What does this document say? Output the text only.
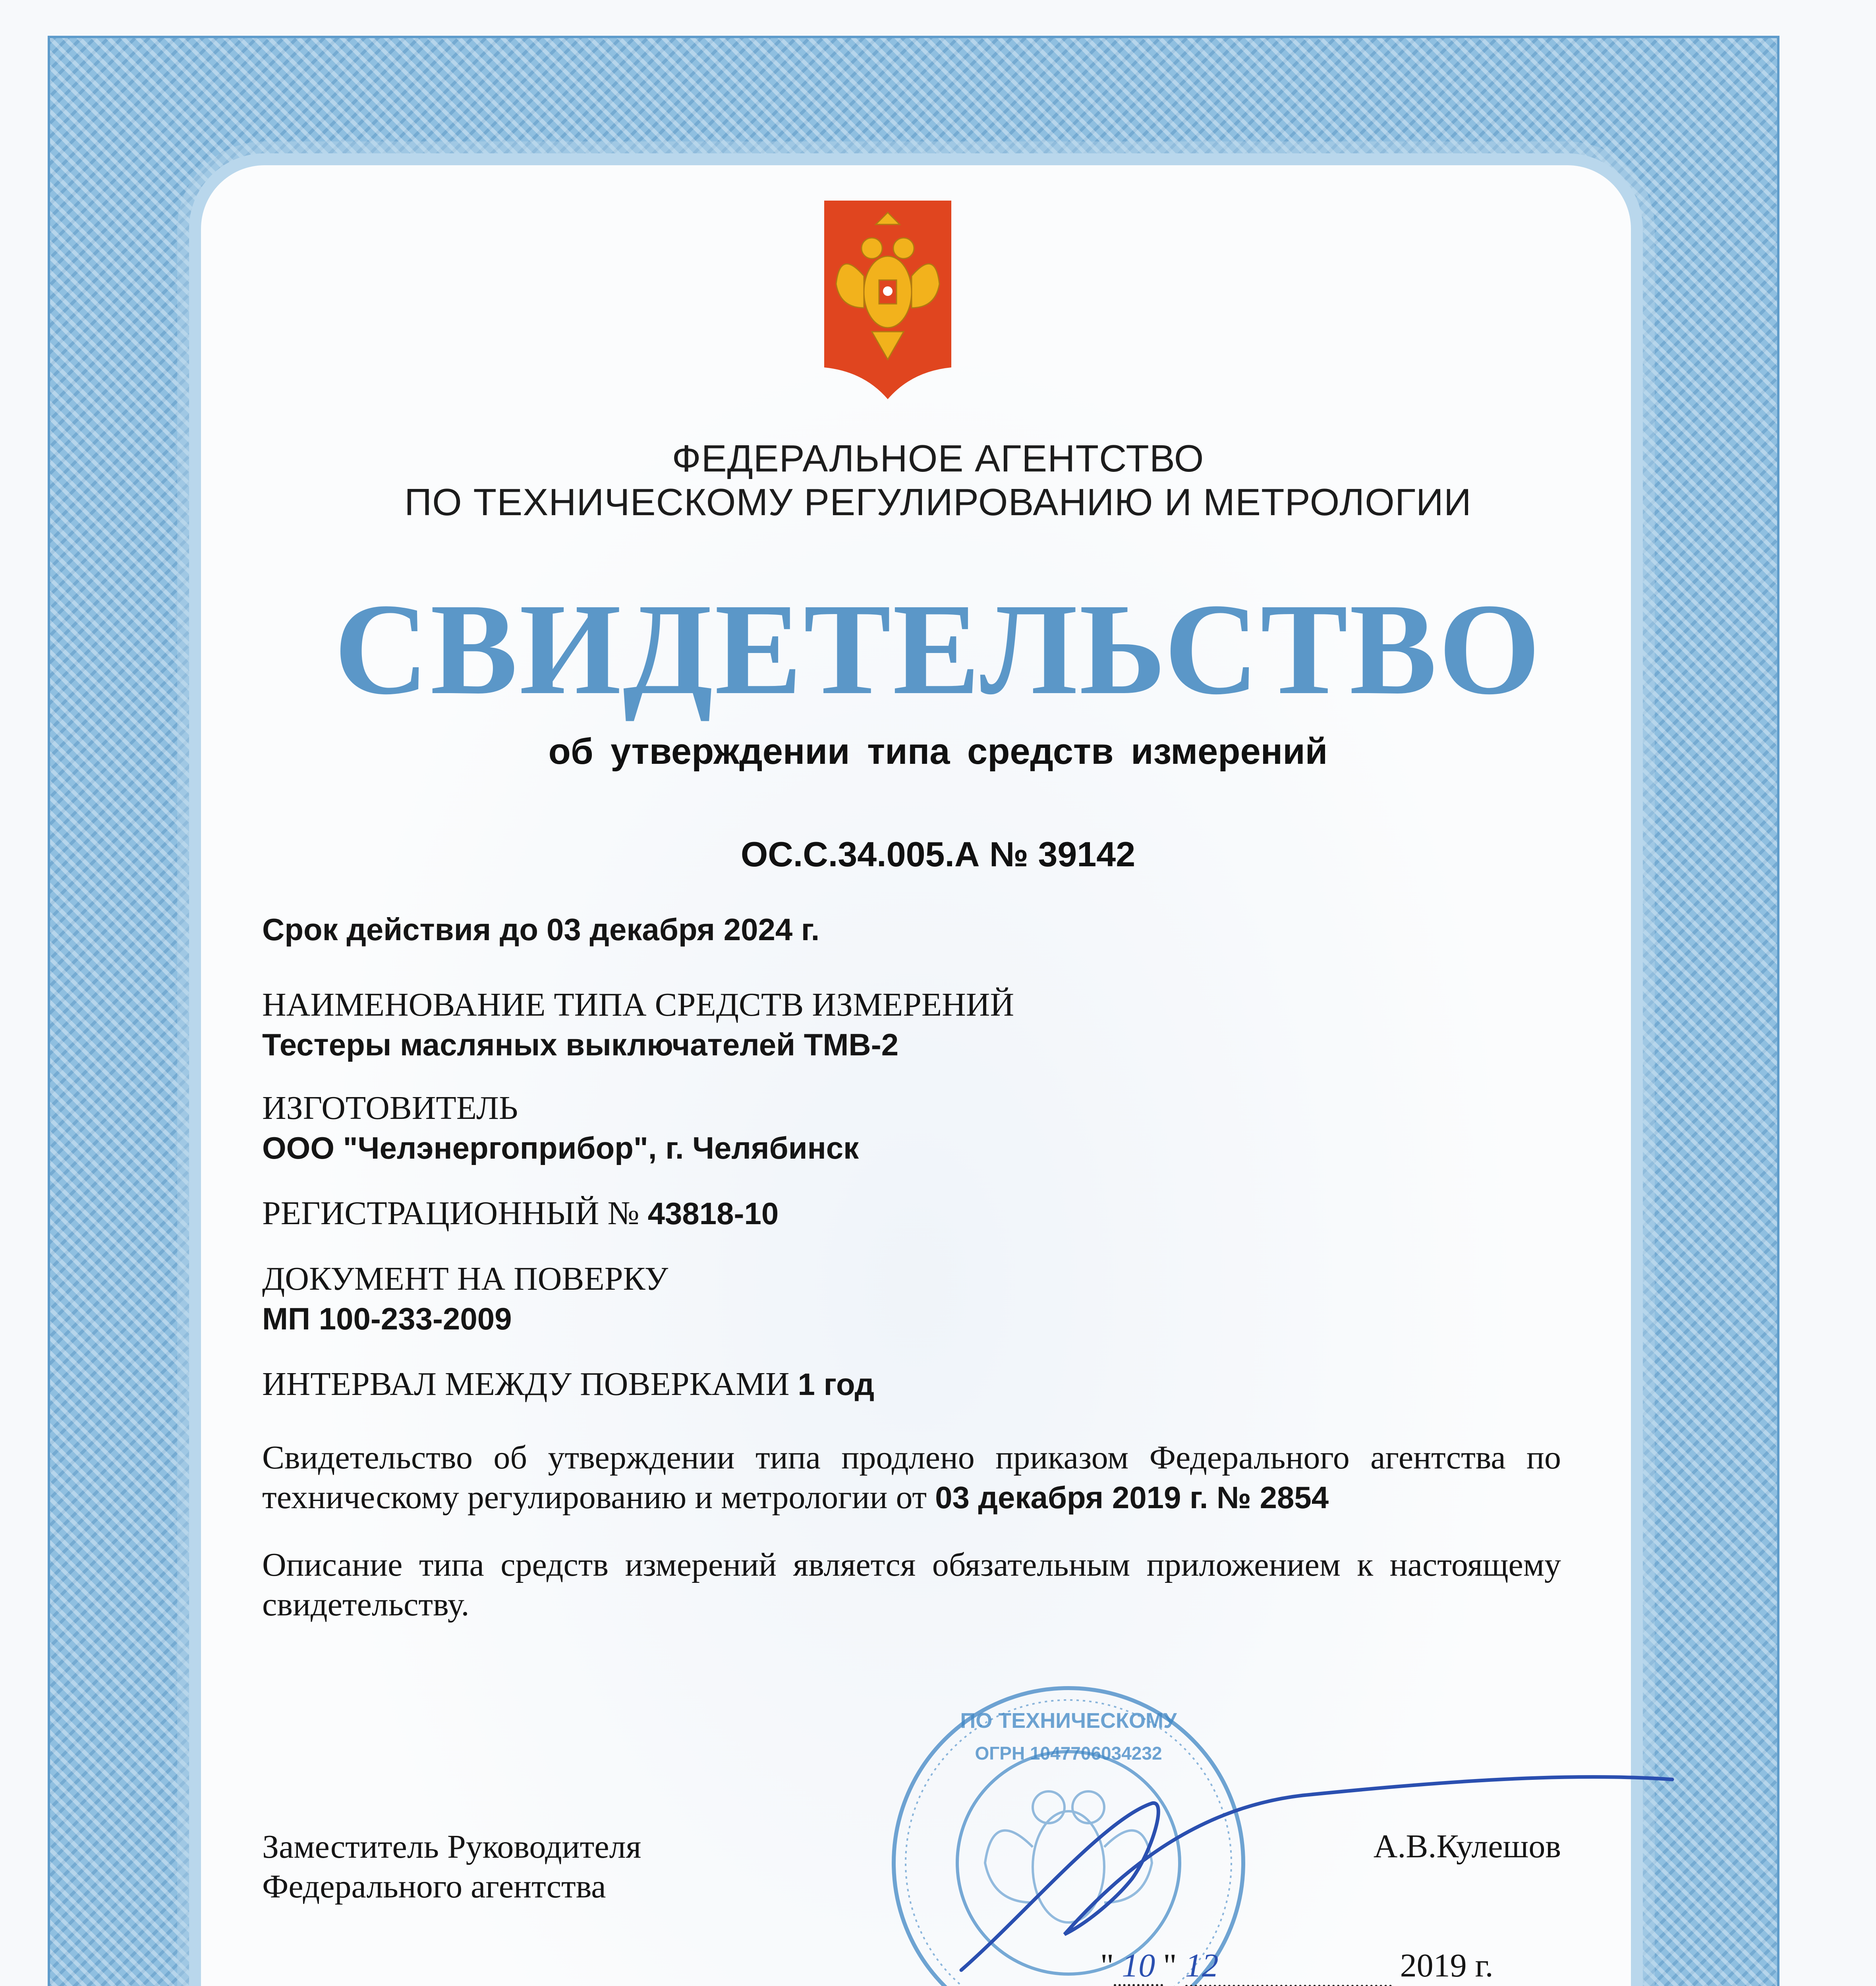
ФЕДЕРАЛЬНОЕ АГЕНТСТВО
ПО ТЕХНИЧЕСКОМУ РЕГУЛИРОВАНИЮ И МЕТРОЛОГИИ
СВИДЕТЕЛЬСТВО
об утверждении типа средств измерений
ОС.С.34.005.А № 39142
Срок действия до 03 декабря 2024 г.
НАИМЕНОВАНИЕ ТИПА СРЕДСТВ ИЗМЕРЕНИЙ
Тестеры масляных выключателей ТМВ-2
ИЗГОТОВИТЕЛЬ
ООО "Челэнергоприбор", г. Челябинск
РЕГИСТРАЦИОННЫЙ № 43818-10
ДОКУМЕНТ НА ПОВЕРКУ
МП 100-233-2009
ИНТЕРВАЛ МЕЖДУ ПОВЕРКАМИ 1 год
Свидетельство об утверждении типа продлено приказом Федерального агентства по техническому регулированию и метрологии от 03 декабря 2019 г. № 2854
Описание типа средств измерений является обязательным приложением к настоящему свидетельству.
ПО ТЕХНИЧЕСКОМУ
ОГРН 1047706034232
Заместитель Руководителя
Федерального агентства
А.В.Кулешов
" 10 " 12	2019 г.
